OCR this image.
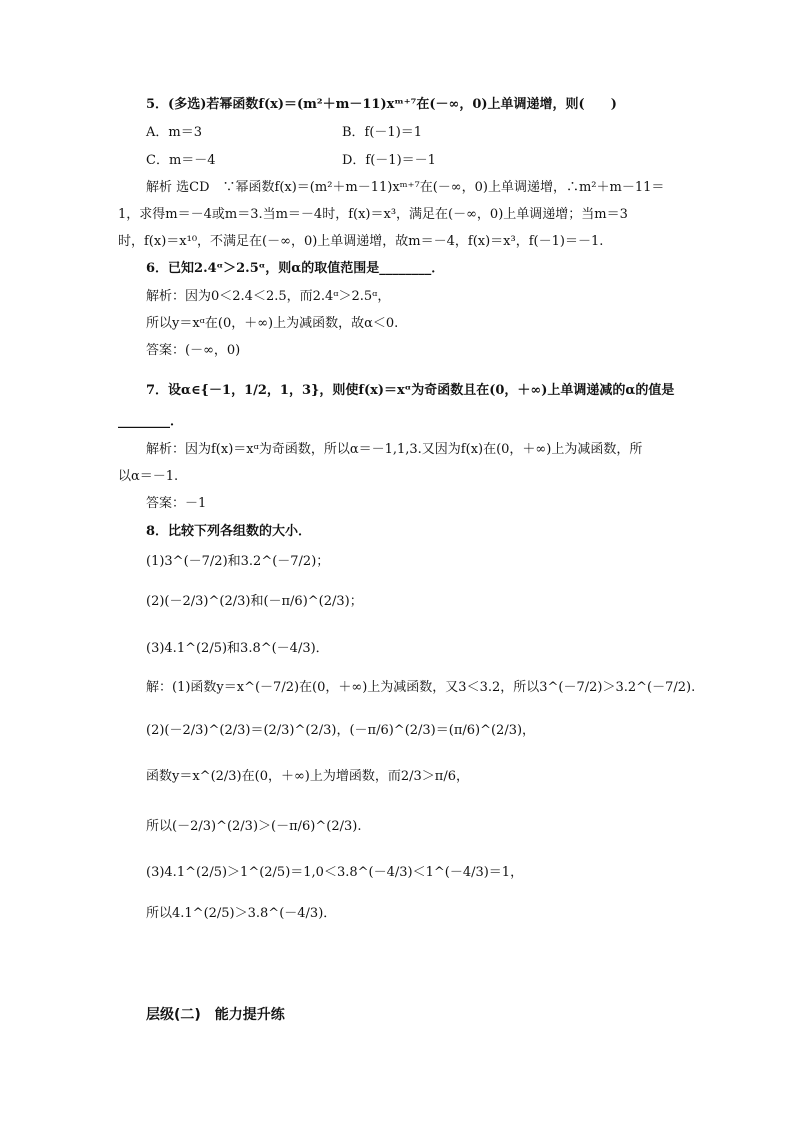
5．(多选)若幂函数f(x)＝(m²＋m－11)xᵐ⁺⁷在(－∞，0)上单调递增，则(　　)
A．m＝3	B．f(－1)＝1
C．m＝－4	D．f(－1)＝－1
解析 选CD　∵幂函数f(x)＝(m²＋m－11)xᵐ⁺⁷在(－∞，0)上单调递增，∴m²＋m－11＝
1，求得m＝－4或m＝3.当m＝－4时，f(x)＝x³，满足在(－∞，0)上单调递增；当m＝3
时，f(x)＝x¹⁰，不满足在(－∞，0)上单调递增，故m＝－4，f(x)＝x³，f(－1)＝－1.
6．已知2.4ᵅ＞2.5ᵅ，则α的取值范围是________．
解析：因为0＜2.4＜2.5，而2.4ᵅ＞2.5ᵅ，
所以y＝xᵅ在(0，＋∞)上为减函数，故α＜0.
答案：(－∞，0)
7．设α∈{－1，1/2，1，3}，则使f(x)＝xᵅ为奇函数且在(0，＋∞)上单调递减的α的值是
________．
解析：因为f(x)＝xᵅ为奇函数，所以α＝－1,1,3.又因为f(x)在(0，＋∞)上为减函数，所
以α＝－1.
答案：－1
8．比较下列各组数的大小．
(1)3^(－7/2)和3.2^(－7/2)；
(2)(－2/3)^(2/3)和(－π/6)^(2/3)；
(3)4.1^(2/5)和3.8^(－4/3)．
解：(1)函数y＝x^(－7/2)在(0，＋∞)上为减函数，又3＜3.2，所以3^(－7/2)＞3.2^(－7/2).
(2)(－2/3)^(2/3)＝(2/3)^(2/3)，(－π/6)^(2/3)＝(π/6)^(2/3)，
函数y＝x^(2/3)在(0，＋∞)上为增函数，而2/3＞π/6，
所以(－2/3)^(2/3)＞(－π/6)^(2/3).
(3)4.1^(2/5)＞1^(2/5)＝1,0＜3.8^(－4/3)＜1^(－4/3)＝1，
所以4.1^(2/5)＞3.8^(－4/3)．
层级(二)　能力提升练
